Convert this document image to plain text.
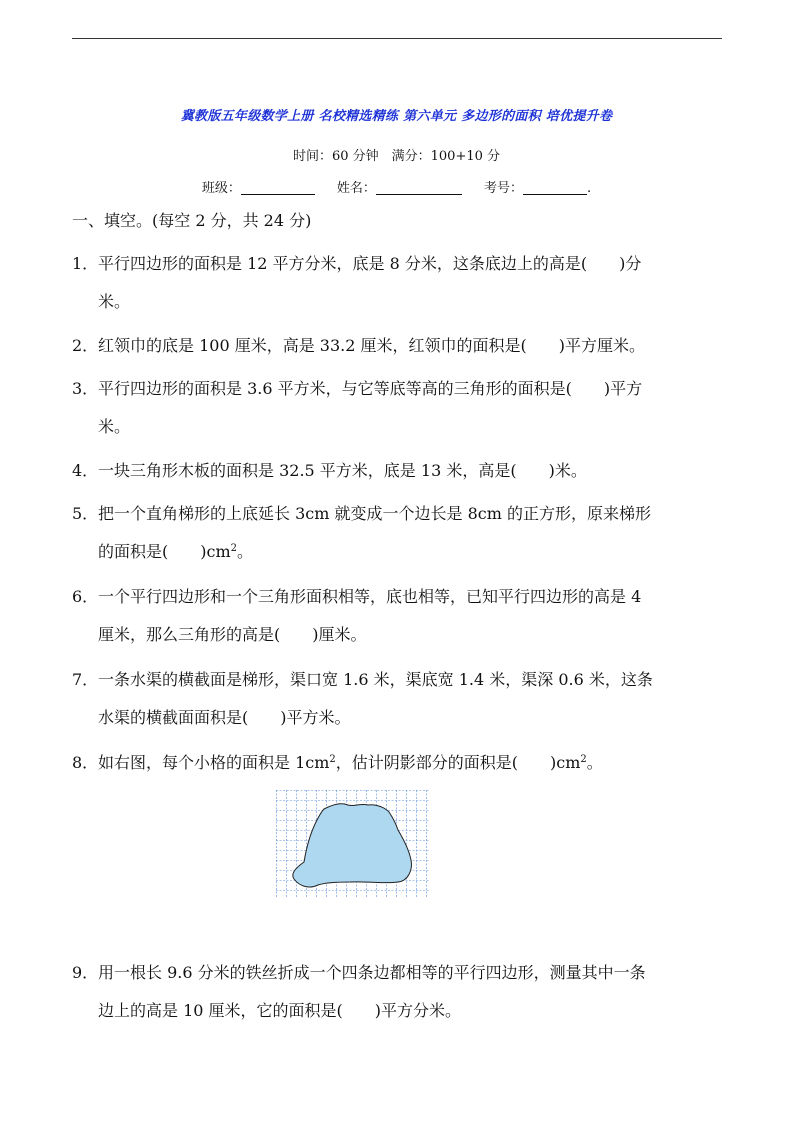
冀教版五年级数学上册 名校精选精练 第六单元 多边形的面积 培优提升卷
时间：60 分钟　满分：100+10 分
班级：	姓名：	考号：	.
一、填空。(每空 2 分，共 24 分)
1． 平行四边形的面积是 12 平方分米，底是 8 分米，这条底边上的高是(　　)分
米。
2． 红领巾的底是 100 厘米，高是 33.2 厘米，红领巾的面积是(　　)平方厘米。
3． 平行四边形的面积是 3.6 平方米，与它等底等高的三角形的面积是(　　)平方
米。
4． 一块三角形木板的面积是 32.5 平方米，底是 13 米，高是(　　)米。
5． 把一个直角梯形的上底延长 3cm 就变成一个边长是 8cm 的正方形，原来梯形
的面积是(　　)$cm^2$。
6． 一个平行四边形和一个三角形面积相等，底也相等，已知平行四边形的高是 4
厘米，那么三角形的高是(　　)厘米。
7． 一条水渠的横截面是梯形，渠口宽 1.6 米，渠底宽 1.4 米，渠深 0.6 米，这条
水渠的横截面面积是(　　)平方米。
8． 如右图，每个小格的面积是 $1cm^2$，估计阴影部分的面积是(　　)$cm^2$。
9． 用一根长 9.6 分米的铁丝折成一个四条边都相等的平行四边形，测量其中一条
边上的高是 10 厘米，它的面积是(　　)平方分米。
